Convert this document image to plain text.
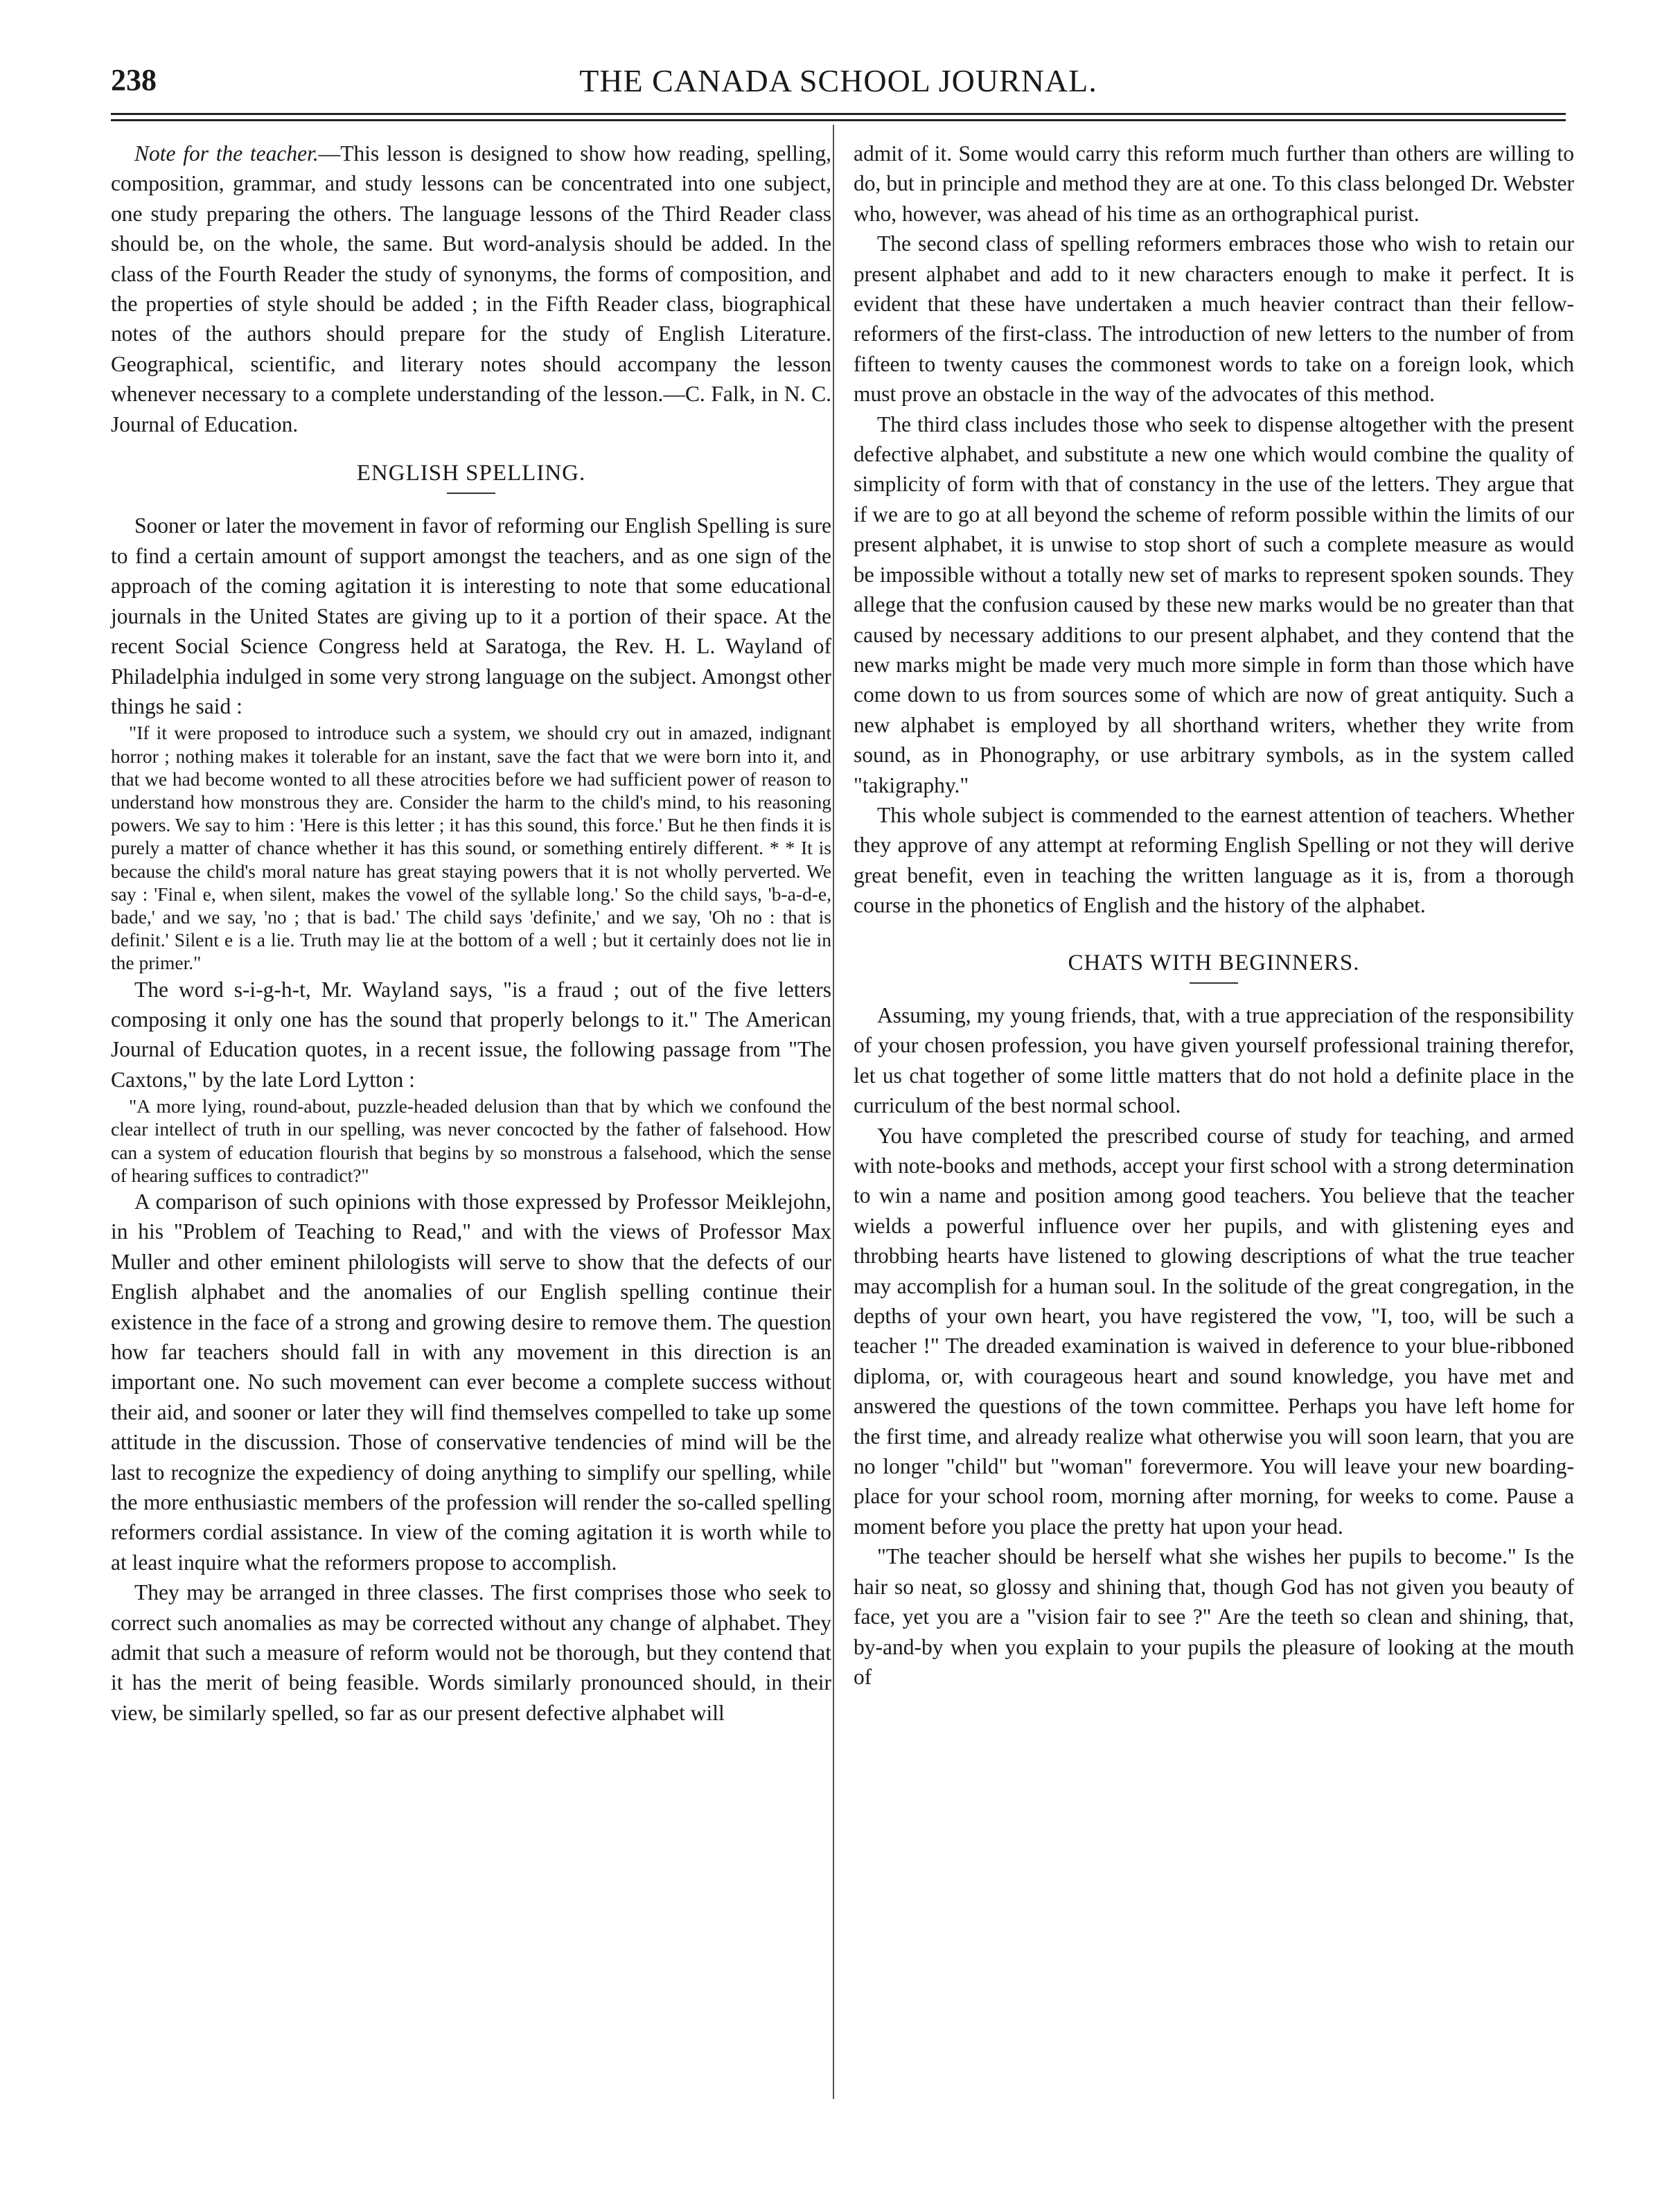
238	THE CANADA SCHOOL JOURNAL.

Note for the teacher.—This lesson is designed to show how reading, spelling, composition, grammar, and study lessons can be concentrated into one subject, one study preparing the others. The language lessons of the Third Reader class should be, on the whole, the same. But word-analysis should be added. In the class of the Fourth Reader the study of synonyms, the forms of composition, and the properties of style should be added ; in the Fifth Reader class, biographical notes of the authors should prepare for the study of English Literature. Geographical, scientific, and literary notes should accompany the lesson whenever necessary to a complete understanding of the lesson.—C. Falk, in N. C. Journal of Education.

ENGLISH SPELLING.

Sooner or later the movement in favor of reforming our English Spelling is sure to find a certain amount of support amongst the teachers, and as one sign of the approach of the coming agitation it is interesting to note that some educational journals in the United States are giving up to it a portion of their space. At the recent Social Science Congress held at Saratoga, the Rev. H. L. Wayland of Philadelphia indulged in some very strong language on the subject. Amongst other things he said :

"If it were proposed to introduce such a system, we should cry out in amazed, indignant horror ; nothing makes it tolerable for an instant, save the fact that we were born into it, and that we had become wonted to all these atrocities before we had sufficient power of reason to understand how monstrous they are. Consider the harm to the child's mind, to his reasoning powers. We say to him : 'Here is this letter ; it has this sound, this force.' But he then finds it is purely a matter of chance whether it has this sound, or something entirely different. * * It is because the child's moral nature has great staying powers that it is not wholly perverted. We say : 'Final e, when silent, makes the vowel of the syllable long.' So the child says, 'b-a-d-e, bade,' and we say, 'no ; that is bad.' The child says 'definite,' and we say, 'Oh no : that is definit.' Silent e is a lie. Truth may lie at the bottom of a well ; but it certainly does not lie in the primer."

The word s-i-g-h-t, Mr. Wayland says, "is a fraud ; out of the five letters composing it only one has the sound that properly belongs to it." The American Journal of Education quotes, in a recent issue, the following passage from "The Caxtons," by the late Lord Lytton :

"A more lying, round-about, puzzle-headed delusion than that by which we confound the clear intellect of truth in our spelling, was never concocted by the father of falsehood. How can a system of education flourish that begins by so monstrous a falsehood, which the sense of hearing suffices to contradict?"

A comparison of such opinions with those expressed by Professor Meiklejohn, in his "Problem of Teaching to Read," and with the views of Professor Max Muller and other eminent philologists will serve to show that the defects of our English alphabet and the anomalies of our English spelling continue their existence in the face of a strong and growing desire to remove them. The question how far teachers should fall in with any movement in this direction is an important one. No such movement can ever become a complete success without their aid, and sooner or later they will find themselves compelled to take up some attitude in the discussion. Those of conservative tendencies of mind will be the last to recognize the expediency of doing anything to simplify our spelling, while the more enthusiastic members of the profession will render the so-called spelling reformers cordial assistance. In view of the coming agitation it is worth while to at least inquire what the reformers propose to accomplish.

They may be arranged in three classes. The first comprises those who seek to correct such anomalies as may be corrected without any change of alphabet. They admit that such a measure of reform would not be thorough, but they contend that it has the merit of being feasible. Words similarly pronounced should, in their view, be similarly spelled, so far as our present defective alphabet will

admit of it. Some would carry this reform much further than others are willing to do, but in principle and method they are at one. To this class belonged Dr. Webster who, however, was ahead of his time as an orthographical purist.

The second class of spelling reformers embraces those who wish to retain our present alphabet and add to it new characters enough to make it perfect. It is evident that these have undertaken a much heavier contract than their fellow-reformers of the first-class. The introduction of new letters to the number of from fifteen to twenty causes the commonest words to take on a foreign look, which must prove an obstacle in the way of the advocates of this method.

The third class includes those who seek to dispense altogether with the present defective alphabet, and substitute a new one which would combine the quality of simplicity of form with that of constancy in the use of the letters. They argue that if we are to go at all beyond the scheme of reform possible within the limits of our present alphabet, it is unwise to stop short of such a complete measure as would be impossible without a totally new set of marks to represent spoken sounds. They allege that the confusion caused by these new marks would be no greater than that caused by necessary additions to our present alphabet, and they contend that the new marks might be made very much more simple in form than those which have come down to us from sources some of which are now of great antiquity. Such a new alphabet is employed by all shorthand writers, whether they write from sound, as in Phonography, or use arbitrary symbols, as in the system called "takigraphy."

This whole subject is commended to the earnest attention of teachers. Whether they approve of any attempt at reforming English Spelling or not they will derive great benefit, even in teaching the written language as it is, from a thorough course in the phonetics of English and the history of the alphabet.

CHATS WITH BEGINNERS.

Assuming, my young friends, that, with a true appreciation of the responsibility of your chosen profession, you have given yourself professional training therefor, let us chat together of some little matters that do not hold a definite place in the curriculum of the best normal school.

You have completed the prescribed course of study for teaching, and armed with note-books and methods, accept your first school with a strong determination to win a name and position among good teachers. You believe that the teacher wields a powerful influence over her pupils, and with glistening eyes and throbbing hearts have listened to glowing descriptions of what the true teacher may accomplish for a human soul. In the solitude of the great congregation, in the depths of your own heart, you have registered the vow, "I, too, will be such a teacher !" The dreaded examination is waived in deference to your blue-ribboned diploma, or, with courageous heart and sound knowledge, you have met and answered the questions of the town committee. Perhaps you have left home for the first time, and already realize what otherwise you will soon learn, that you are no longer "child" but "woman" forevermore. You will leave your new boarding-place for your school room, morning after morning, for weeks to come. Pause a moment before you place the pretty hat upon your head.

"The teacher should be herself what she wishes her pupils to become." Is the hair so neat, so glossy and shining that, though God has not given you beauty of face, yet you are a "vision fair to see ?" Are the teeth so clean and shining, that, by-and-by when you explain to your pupils the pleasure of looking at the mouth of
